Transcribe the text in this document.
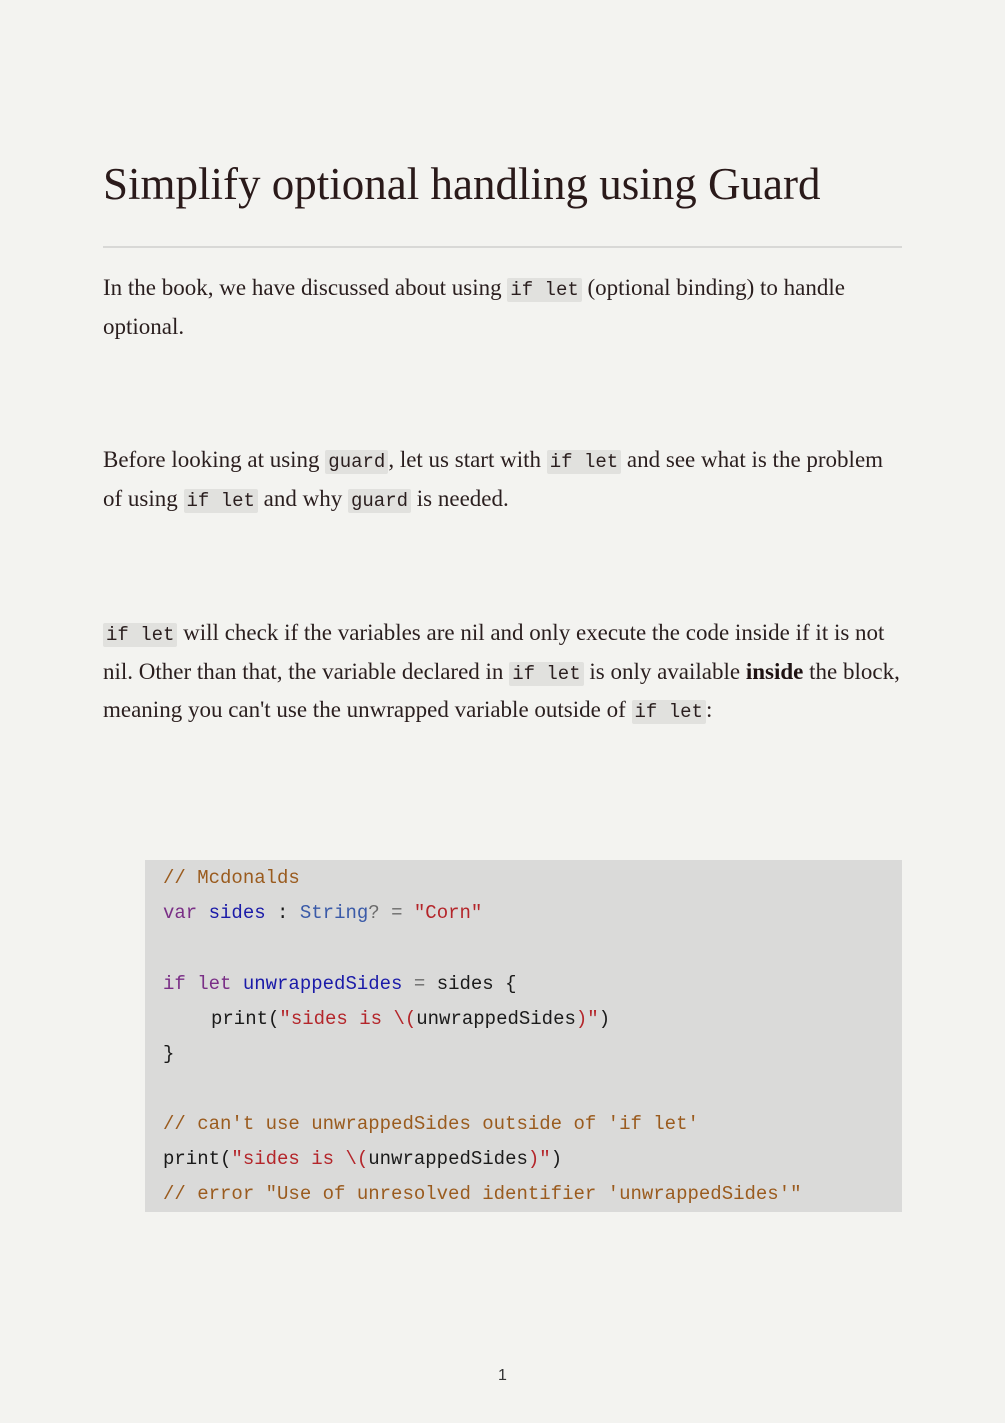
Simplify optional handling using Guard

In the book, we have discussed about using if let (optional binding) to handle optional.

Before looking at using guard , let us start with if let and see what is the problem of using if let and why guard is needed.

if let will check if the variables are nil and only execute the code inside if it is not nil. Other than that, the variable declared in if let is only available inside the block, meaning you can't use the unwrapped variable outside of if let :

// Mcdonalds
var sides : String? = "Corn"
if let unwrappedSides = sides {
print("sides is \(unwrappedSides)")
}
// can't use unwrappedSides outside of 'if let'
print("sides is \(unwrappedSides)")
// error "Use of unresolved identifier 'unwrappedSides'"
1
